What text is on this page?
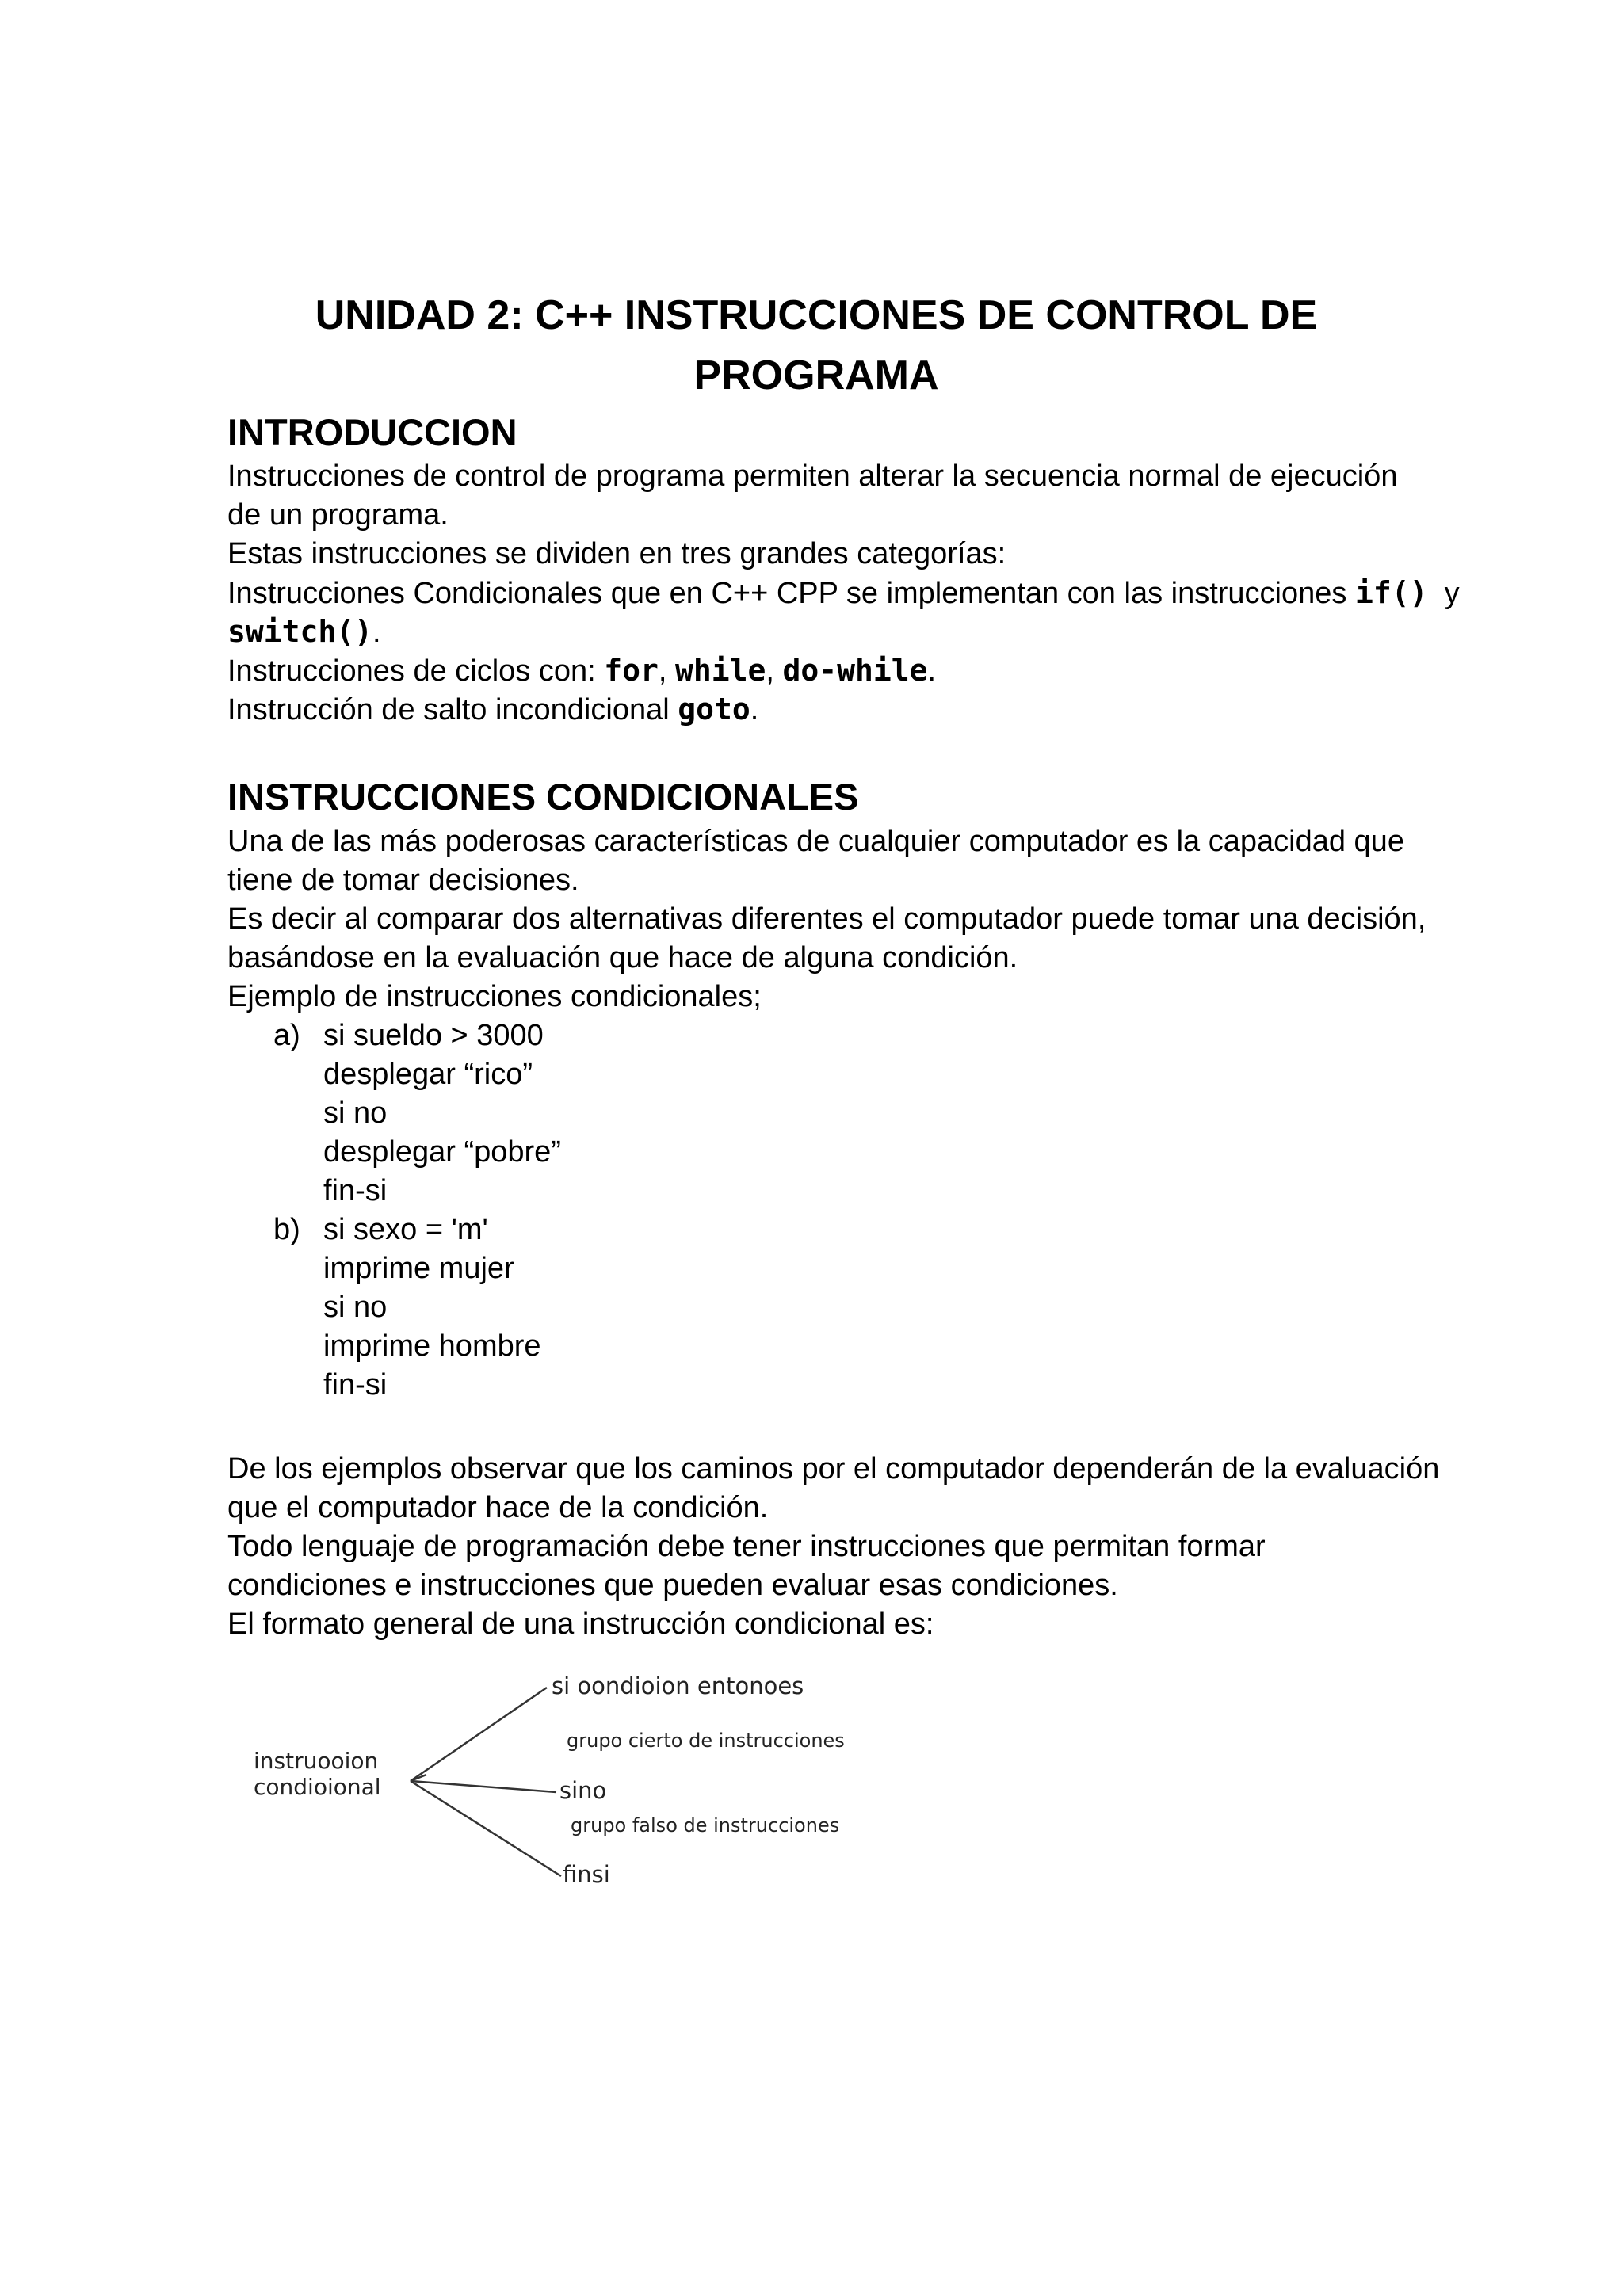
UNIDAD 2: C++ INSTRUCCIONES DE CONTROL DE
PROGRAMA
INTRODUCCION

Instrucciones de control de programa permiten alterar la secuencia normal de ejecución

de un programa.

Estas instrucciones se dividen en tres grandes categorías:

Instrucciones Condicionales que en C++ CPP se implementan con las instrucciones if() y

switch().

Instrucciones de ciclos con: for, while, do-while.

Instrucción de salto incondicional goto.

INSTRUCCIONES CONDICIONALES

Una de las más poderosas características de cualquier computador es la capacidad que

tiene de tomar decisiones.

Es decir al comparar dos alternativas diferentes el computador puede tomar una decisión,

basándose en la evaluación que hace de alguna condición.

Ejemplo de instrucciones condicionales;

a) si sueldo > 3000

desplegar “rico”

si no

desplegar “pobre”

fin-si

b) si sexo = 'm'

imprime mujer

si no

imprime hombre

fin-si

De los ejemplos observar que los caminos por el computador dependerán de la evaluación

que el computador hace de la condición.

Todo lenguaje de programación debe tener instrucciones que permitan formar

condiciones e instrucciones que pueden evaluar esas condiciones.

El formato general de una instrucción condicional es:

instruooion
condioional
si oondioion entonoes
grupo cierto de instrucciones
sino
grupo falso de instrucciones
finsi
